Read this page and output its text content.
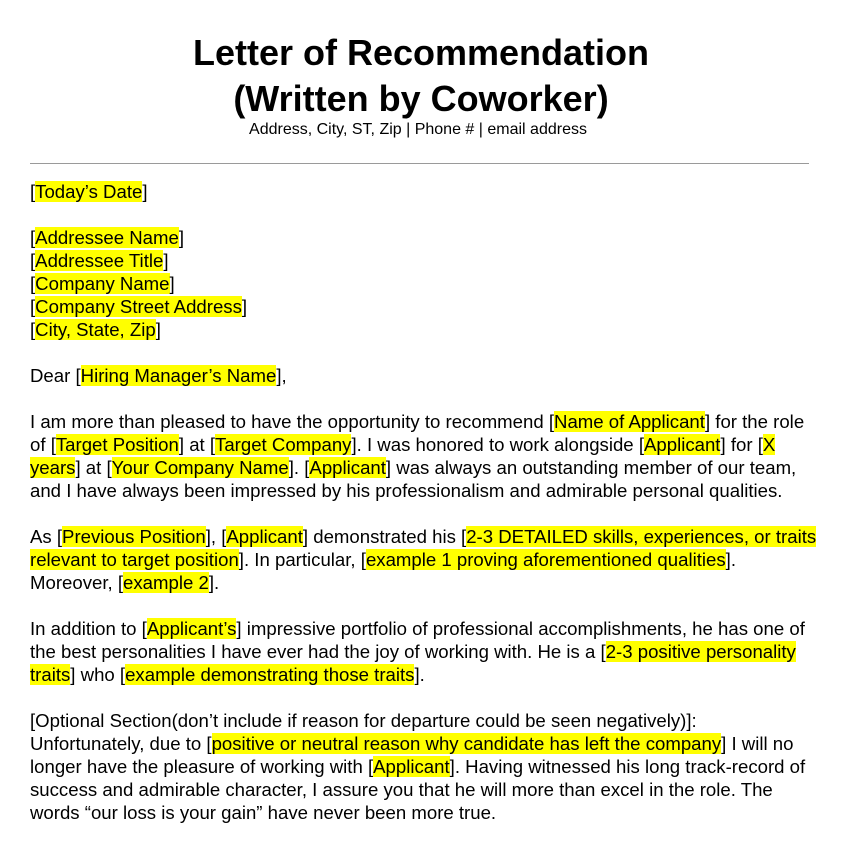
Letter of Recommendation
(Written by Coworker)
Address, City, ST, Zip | Phone # | email address

[Today’s Date]

[Addressee Name]
[Addressee Title]
[Company Name]
[Company Street Address]
[City, State, Zip]

Dear [Hiring Manager’s Name],

I am more than pleased to have the opportunity to recommend [Name of Applicant] for the role of [Target Position] at [Target Company]. I was honored to work alongside [Applicant] for [X years] at [Your Company Name]. [Applicant] was always an outstanding member of our team, and I have always been impressed by his professionalism and admirable personal qualities.

As [Previous Position], [Applicant] demonstrated his [2-3 DETAILED skills, experiences, or traits relevant to target position]. In particular, [example 1 proving aforementioned qualities]. Moreover, [example 2].

In addition to [Applicant’s] impressive portfolio of professional accomplishments, he has one of the best personalities I have ever had the joy of working with. He is a [2-3 positive personality traits] who [example demonstrating those traits].

[Optional Section(don’t include if reason for departure could be seen negatively)]:
Unfortunately, due to [positive or neutral reason why candidate has left the company] I will no longer have the pleasure of working with [Applicant]. Having witnessed his long track-record of success and admirable character, I assure you that he will more than excel in the role. The words “our loss is your gain” have never been more true.
